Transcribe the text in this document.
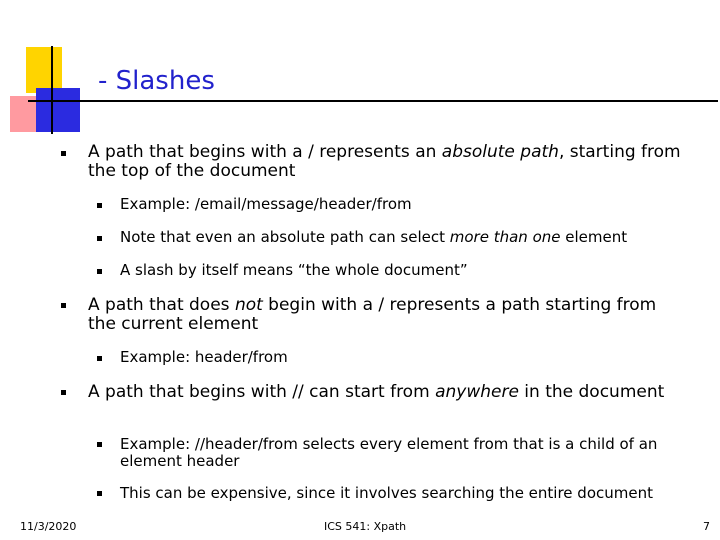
- Slashes
A path that begins with a / represents an absolute path, starting from the top of the document
Example: /email/message/header/from
Note that even an absolute path can select more than one element
A slash by itself means “the whole document”
A path that does not begin with a / represents a path starting from the current element
Example: header/from
A path that begins with // can start from anywhere in the document
Example: //header/from selects every element from that is a child of an element header
This can be expensive, since it involves searching the entire document
11/3/2020	ICS 541: Xpath	7
